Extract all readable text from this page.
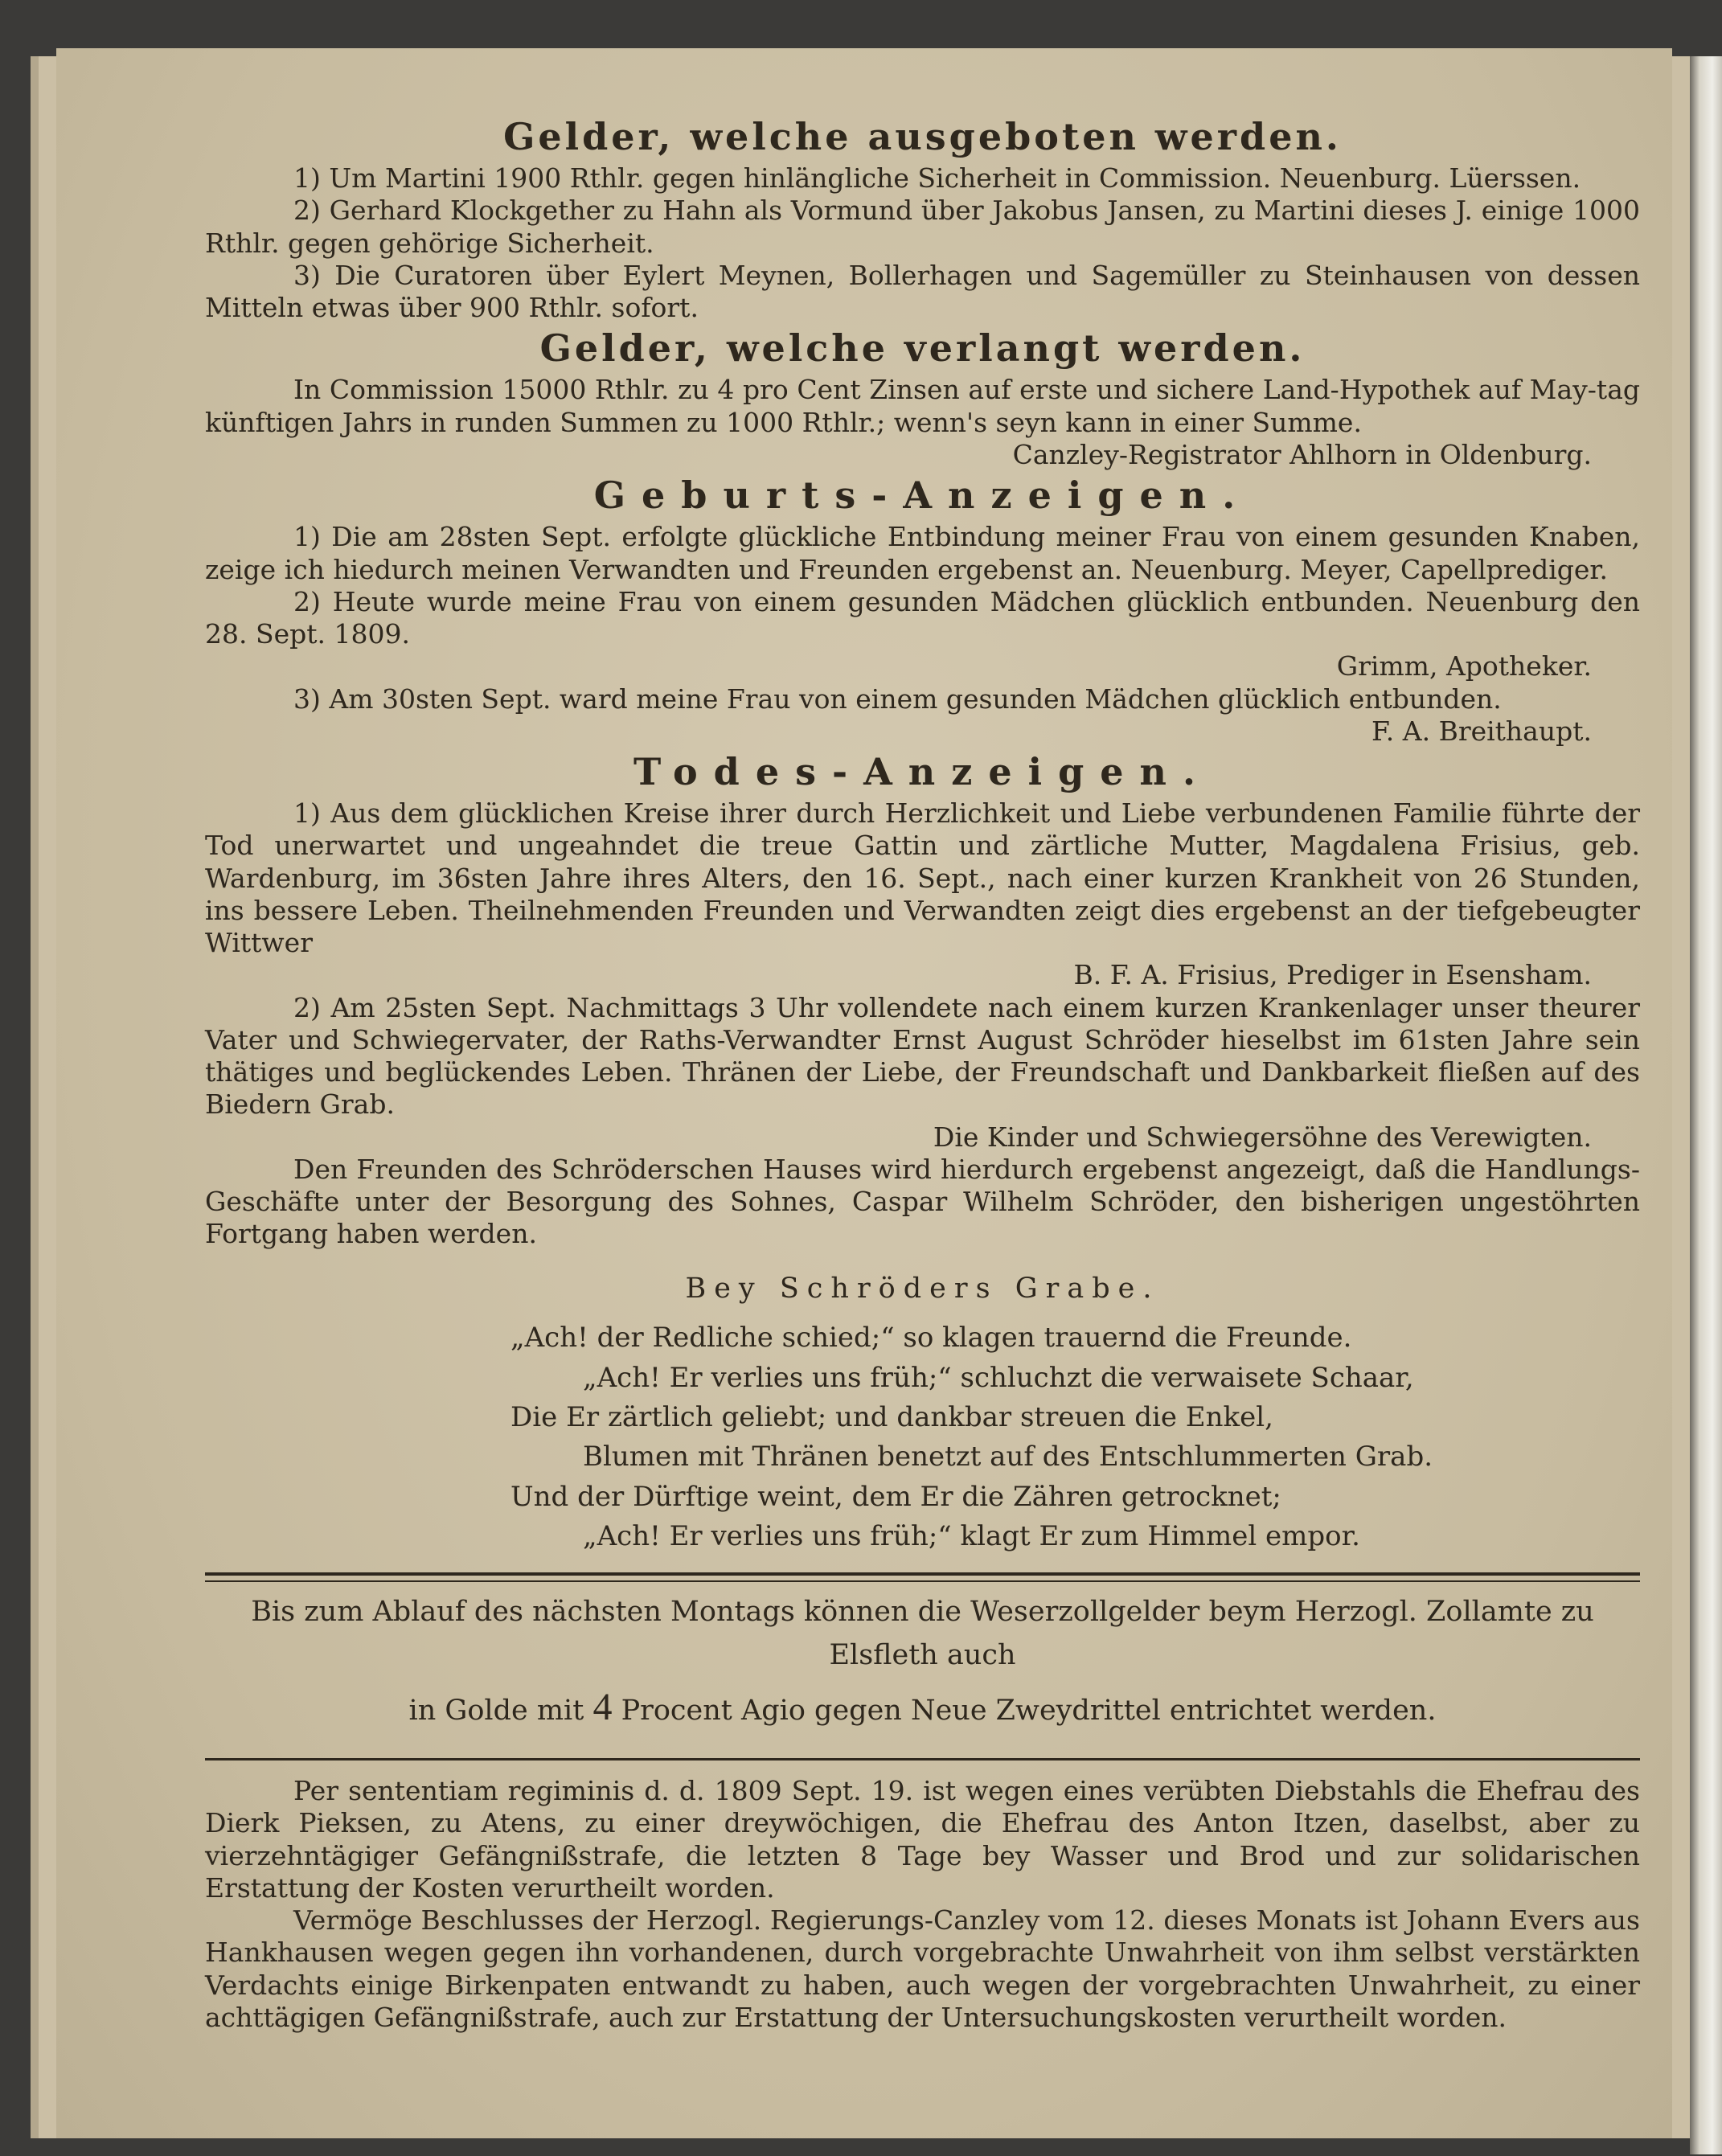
Gelder, welche ausgeboten werden.

1) Um Martini 1900 Rthlr. gegen hinlängliche Sicherheit in Commission. Neuenburg. Lüerssen.

2) Gerhard Klockgether zu Hahn als Vormund über Jakobus Jansen, zu Martini dieses J. einige 1000 Rthlr. gegen gehörige Sicherheit.

3) Die Curatoren über Eylert Meynen, Bollerhagen und Sagemüller zu Steinhausen von dessen Mitteln etwas über 900 Rthlr. sofort.

Gelder, welche verlangt werden.

In Commission 15000 Rthlr. zu 4 pro Cent Zinsen auf erste und sichere Land-Hypothek auf May-tag künftigen Jahrs in runden Summen zu 1000 Rthlr.; wenn's seyn kann in einer Summe.

Canzley-Registrator Ahlhorn in Oldenburg.

Geburts-Anzeigen.

1) Die am 28sten Sept. erfolgte glückliche Entbindung meiner Frau von einem gesunden Knaben, zeige ich hiedurch meinen Verwandten und Freunden ergebenst an. Neuenburg. Meyer, Capellprediger.

2) Heute wurde meine Frau von einem gesunden Mädchen glücklich entbunden. Neuenburg den 28. Sept. 1809.

Grimm, Apotheker.

3) Am 30sten Sept. ward meine Frau von einem gesunden Mädchen glücklich entbunden.

F. A. Breithaupt.

Todes-Anzeigen.

1) Aus dem glücklichen Kreise ihrer durch Herzlichkeit und Liebe verbundenen Familie führte der Tod unerwartet und ungeahndet die treue Gattin und zärtliche Mutter, Magdalena Frisius, geb. Wardenburg, im 36sten Jahre ihres Alters, den 16. Sept., nach einer kurzen Krankheit von 26 Stunden, ins bessere Leben. Theilnehmenden Freunden und Verwandten zeigt dies ergebenst an der tiefgebeugter Wittwer

B. F. A. Frisius, Prediger in Esensham.

2) Am 25sten Sept. Nachmittags 3 Uhr vollendete nach einem kurzen Krankenlager unser theurer Vater und Schwiegervater, der Raths-Verwandter Ernst August Schröder hieselbst im 61sten Jahre sein thätiges und beglückendes Leben. Thränen der Liebe, der Freundschaft und Dankbarkeit fließen auf des Biedern Grab.

Die Kinder und Schwiegersöhne des Verewigten.

Den Freunden des Schröderschen Hauses wird hierdurch ergebenst angezeigt, daß die Handlungs-Geschäfte unter der Besorgung des Sohnes, Caspar Wilhelm Schröder, den bisherigen ungestöhrten Fortgang haben werden.

Bey Schröders Grabe.
„Ach! der Redliche schied;“ so klagen trauernd die Freunde.
„Ach! Er verlies uns früh;“ schluchzt die verwaisete Schaar,
Die Er zärtlich geliebt; und dankbar streuen die Enkel,
Blumen mit Thränen benetzt auf des Entschlummerten Grab.
Und der Dürftige weint, dem Er die Zähren getrocknet;
„Ach! Er verlies uns früh;“ klagt Er zum Himmel empor.
Bis zum Ablauf des nächsten Montags können die Weserzollgelder beym Herzogl. Zollamte zu Elsfleth auch
in Golde mit 4 Procent Agio gegen Neue Zweydrittel entrichtet werden.

Per sententiam regiminis d. d. 1809 Sept. 19. ist wegen eines verübten Diebstahls die Ehefrau des Dierk Pieksen, zu Atens, zu einer dreywöchigen, die Ehefrau des Anton Itzen, daselbst, aber zu vierzehntägiger Gefängnißstrafe, die letzten 8 Tage bey Wasser und Brod und zur solidarischen Erstattung der Kosten verurtheilt worden.

Vermöge Beschlusses der Herzogl. Regierungs-Canzley vom 12. dieses Monats ist Johann Evers aus Hankhausen wegen gegen ihn vorhandenen, durch vorgebrachte Unwahrheit von ihm selbst verstärkten Verdachts einige Birkenpaten entwandt zu haben, auch wegen der vorgebrachten Unwahrheit, zu einer achttägigen Gefängnißstrafe, auch zur Erstattung der Untersuchungskosten verurtheilt worden.
